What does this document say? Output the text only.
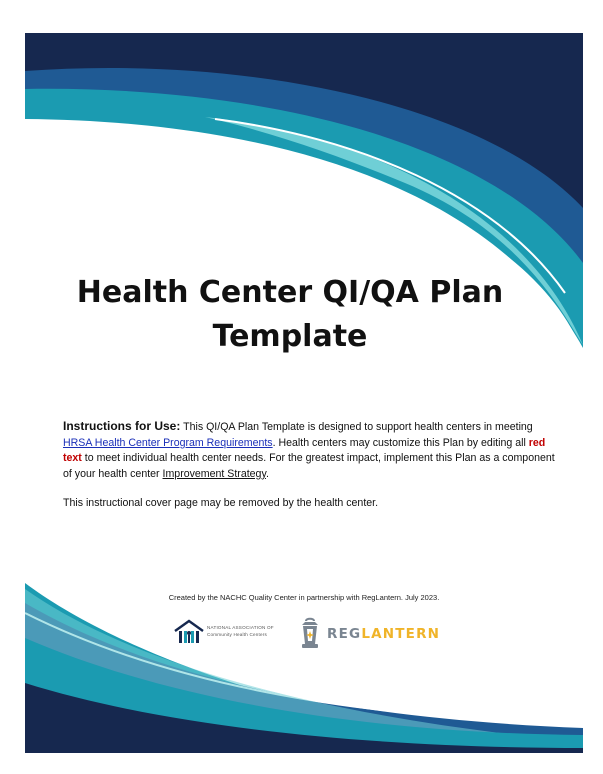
Health Center QI/QA Plan
Template
Instructions for Use: This QI/QA Plan Template is designed to support health centers in meeting HRSA Health Center Program Requirements. Health centers may customize this Plan by editing all red text to meet individual health center needs. For the greatest impact, implement this Plan as a component of your health center Improvement Strategy.
This instructional cover page may be removed by the health center.
Created by the NACHC Quality Center in partnership with RegLantern. July 2023.
NATIONAL ASSOCIATION OF
Community Health Centers	REGLANTERN
